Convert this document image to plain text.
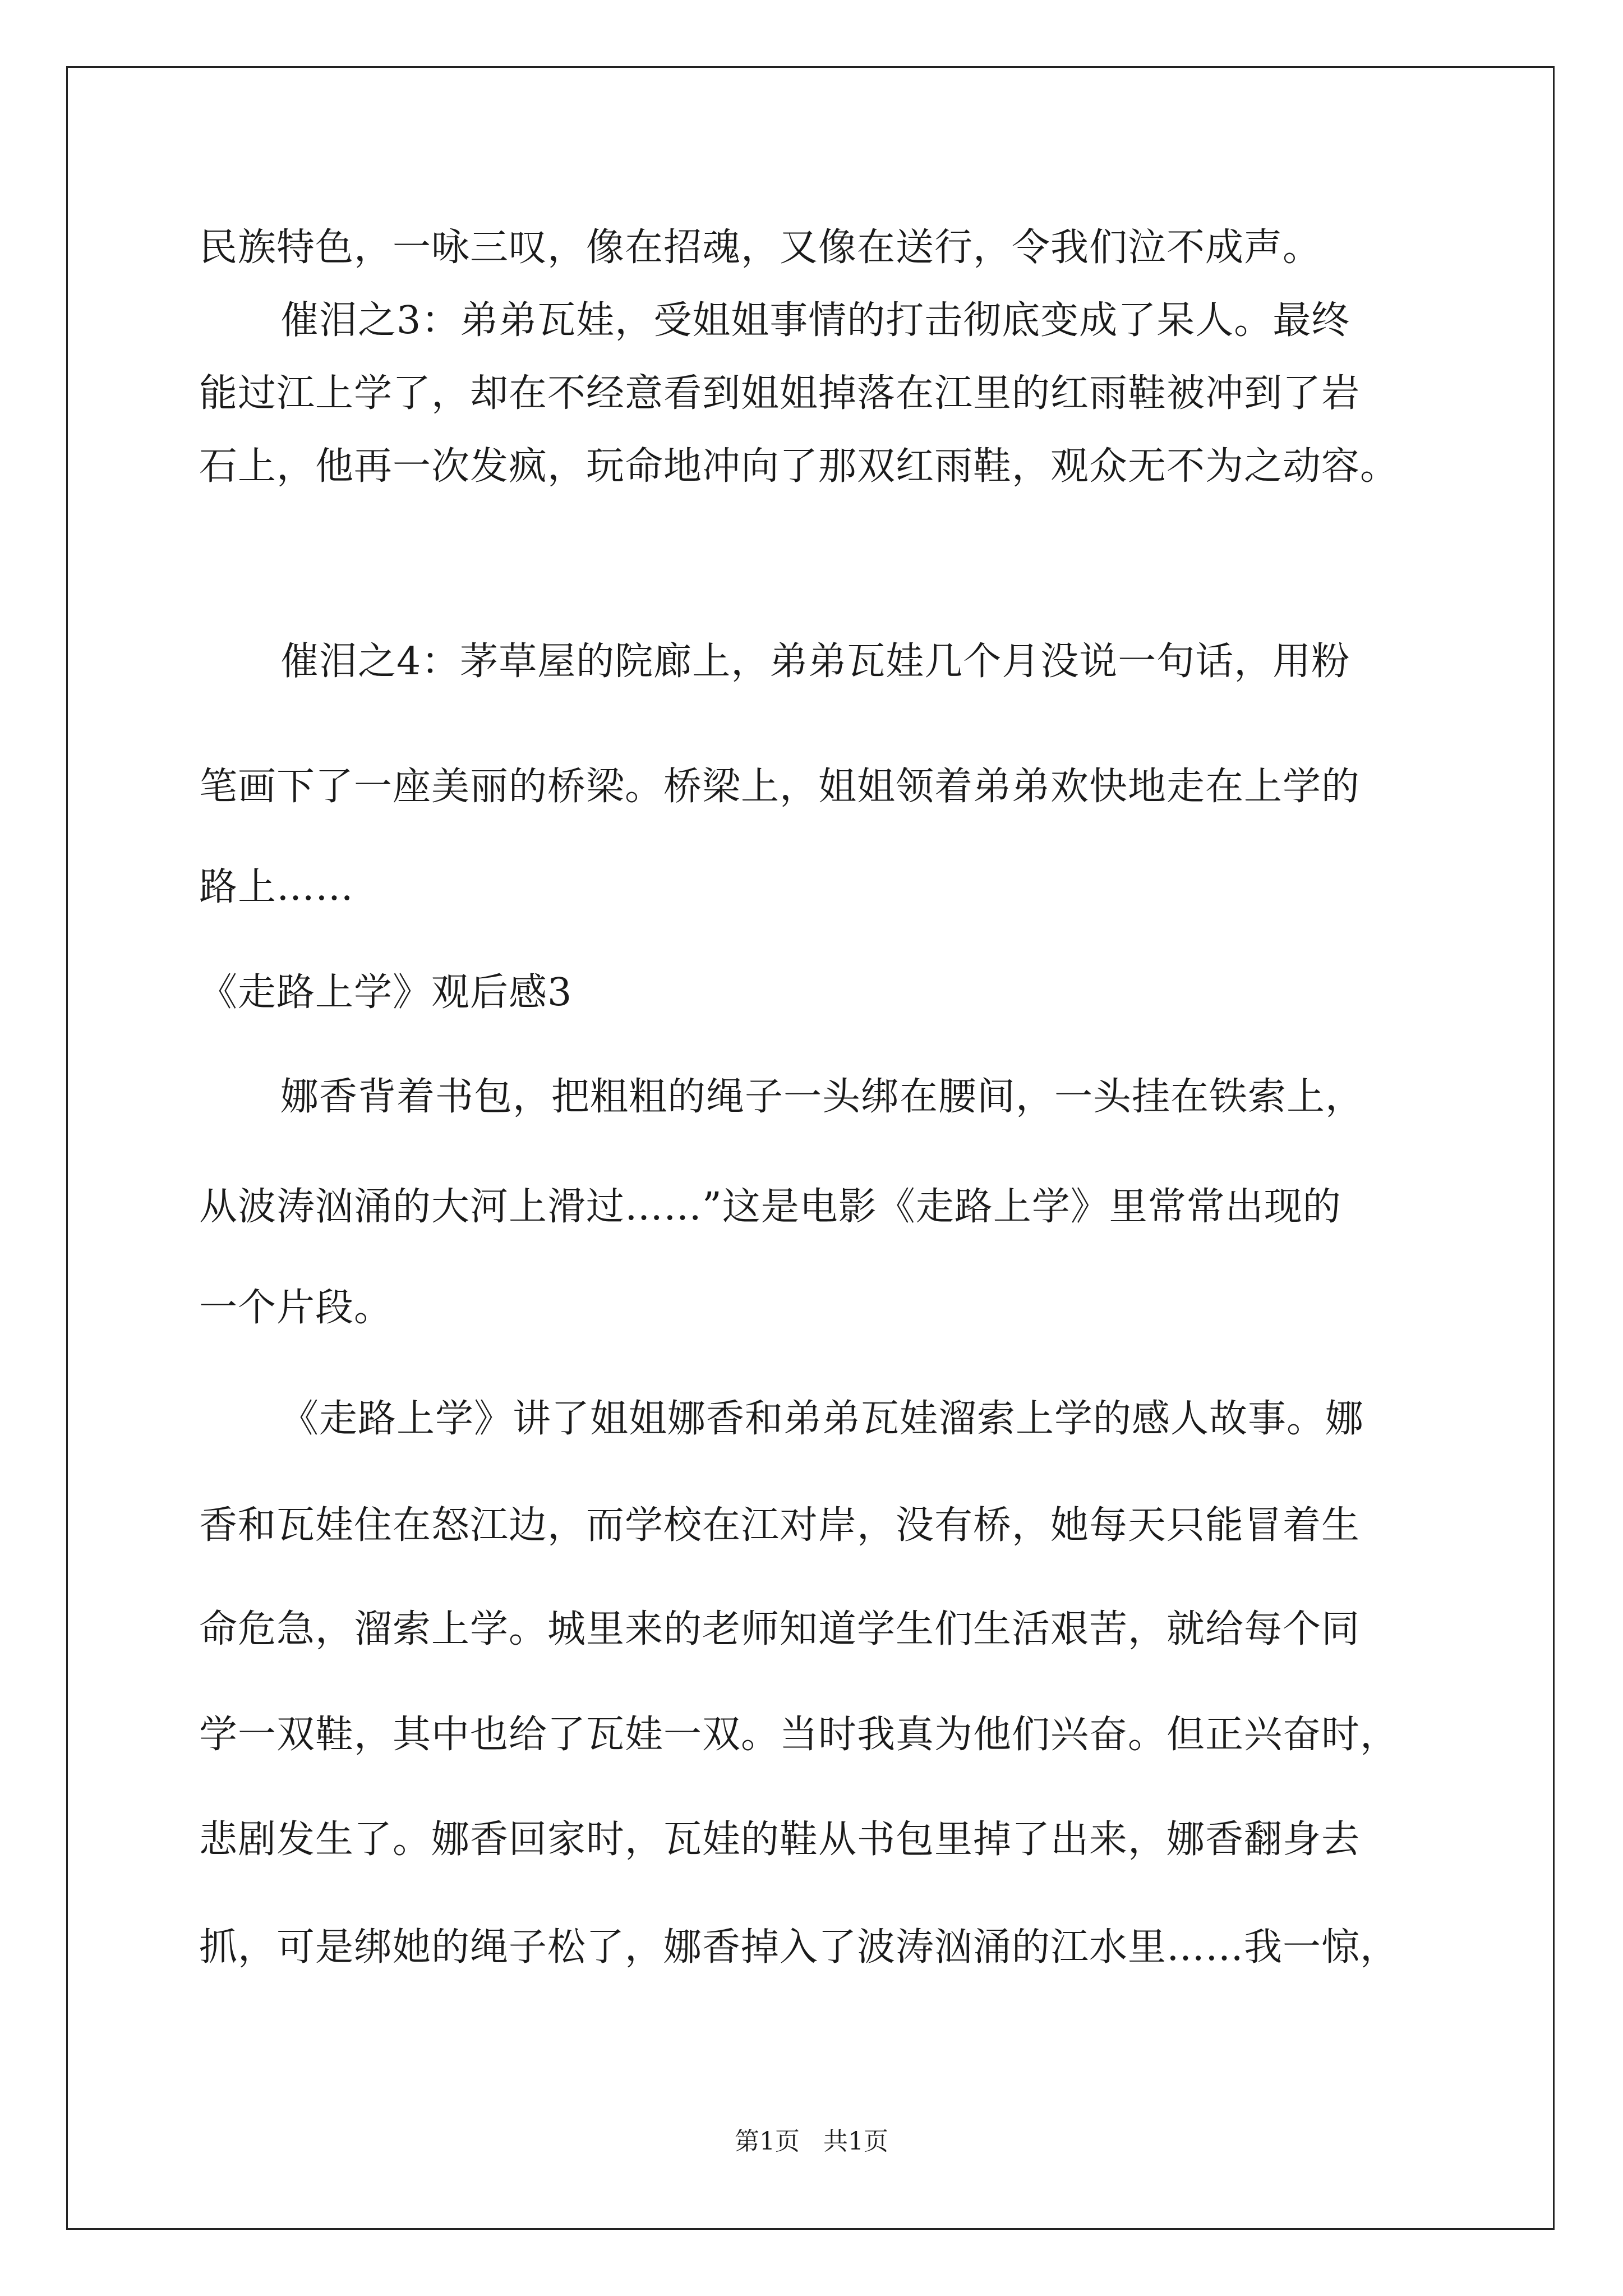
民族特色，一咏三叹，像在招魂，又像在送行，令我们泣不成声。
催泪之3：弟弟瓦娃，受姐姐事情的打击彻底变成了呆人。最终
能过江上学了，却在不经意看到姐姐掉落在江里的红雨鞋被冲到了岩
石上，他再一次发疯，玩命地冲向了那双红雨鞋，观众无不为之动容。
催泪之4：茅草屋的院廊上，弟弟瓦娃几个月没说一句话，用粉
笔画下了一座美丽的桥梁。桥梁上，姐姐领着弟弟欢快地走在上学的
路上……
《走路上学》观后感3
娜香背着书包，把粗粗的绳子一头绑在腰间，一头挂在铁索上，
从波涛汹涌的大河上滑过……”这是电影《走路上学》里常常出现的
一个片段。
《走路上学》讲了姐姐娜香和弟弟瓦娃溜索上学的感人故事。娜
香和瓦娃住在怒江边，而学校在江对岸，没有桥，她每天只能冒着生
命危急，溜索上学。城里来的老师知道学生们生活艰苦，就给每个同
学一双鞋，其中也给了瓦娃一双。当时我真为他们兴奋。但正兴奋时，
悲剧发生了。娜香回家时，瓦娃的鞋从书包里掉了出来，娜香翻身去
抓，可是绑她的绳子松了，娜香掉入了波涛汹涌的江水里……我一惊，
第1页   共1页
